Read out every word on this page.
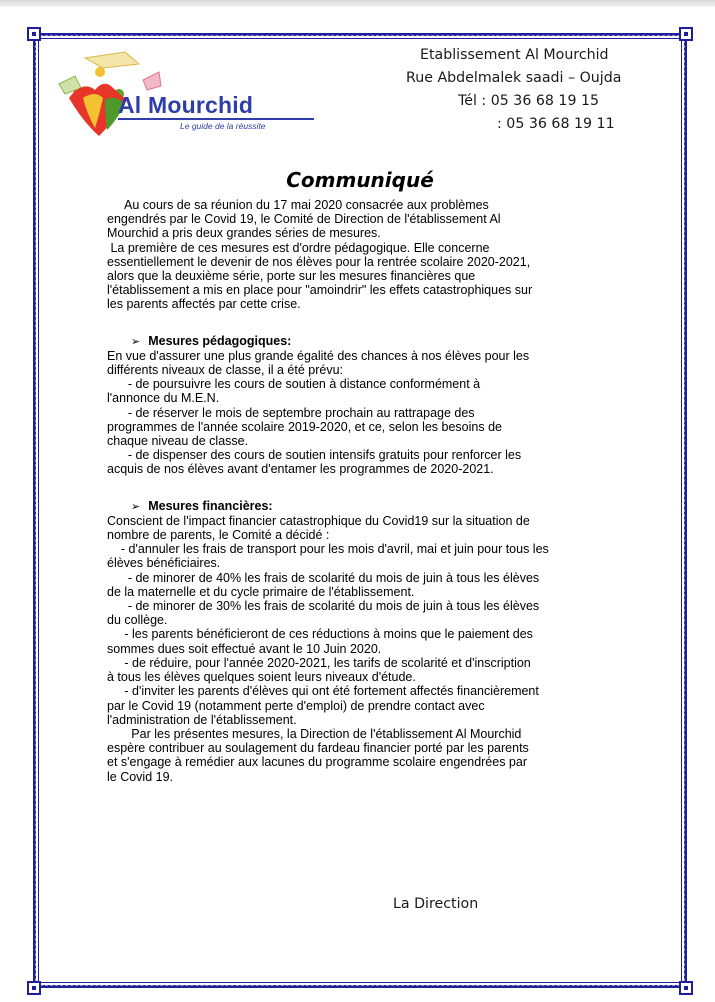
Al Mourchid
Le guide de la réussite
Etablissement Al Mourchid
Rue Abdelmalek saadi – Oujda
Tél : 05 36 68 19 15
: 05 36 68 19 11
Communiqué

Au cours de sa réunion du 17 mai 2020 consacrée aux problèmes

engendrés par le Covid 19, le Comité de Direction de l'établissement Al

Mourchid a pris deux grandes séries de mesures.

La première de ces mesures est d'ordre pédagogique. Elle concerne

essentiellement le devenir de nos élèves pour la rentrée scolaire 2020-2021,

alors que la deuxième série, porte sur les mesures financières que

l'établissement a mis en place pour "amoindrir" les effets catastrophiques sur

les parents affectés par cette crise.

➢ Mesures pédagogiques:

En vue d'assurer une plus grande égalité des chances à nos élèves pour les

différents niveaux de classe, il a été prévu:

- de poursuivre les cours de soutien à distance conformément à

l'annonce du M.E.N.

- de réserver le mois de septembre prochain au rattrapage des

programmes de l'année scolaire 2019-2020, et ce, selon les besoins de

chaque niveau de classe.

- de dispenser des cours de soutien intensifs gratuits pour renforcer les

acquis de nos élèves avant d'entamer les programmes de 2020-2021.

➢ Mesures financières:

Conscient de l'impact financier catastrophique du Covid19 sur la situation de

nombre de parents, le Comité a décidé :

- d'annuler les frais de transport pour les mois d'avril, mai et juin pour tous les

élèves bénéficiaires.

- de minorer de 40% les frais de scolarité du mois de juin à tous les élèves

de la maternelle et du cycle primaire de l'établissement.

- de minorer de 30% les frais de scolarité du mois de juin à tous les élèves

du collège.

- les parents bénéficieront de ces réductions à moins que le paiement des

sommes dues soit effectué avant le 10 Juin 2020.

- de réduire, pour l'année 2020-2021, les tarifs de scolarité et d'inscription

à tous les élèves quelques soient leurs niveaux d'étude.

- d'inviter les parents d'élèves qui ont été fortement affectés financièrement

par le Covid 19 (notamment perte d'emploi) de prendre contact avec

l'administration de l'établissement.

Par les présentes mesures, la Direction de l'établissement Al Mourchid

espère contribuer au soulagement du fardeau financier porté par les parents

et s'engage à remédier aux lacunes du programme scolaire engendrées par

le Covid 19.

La Direction
